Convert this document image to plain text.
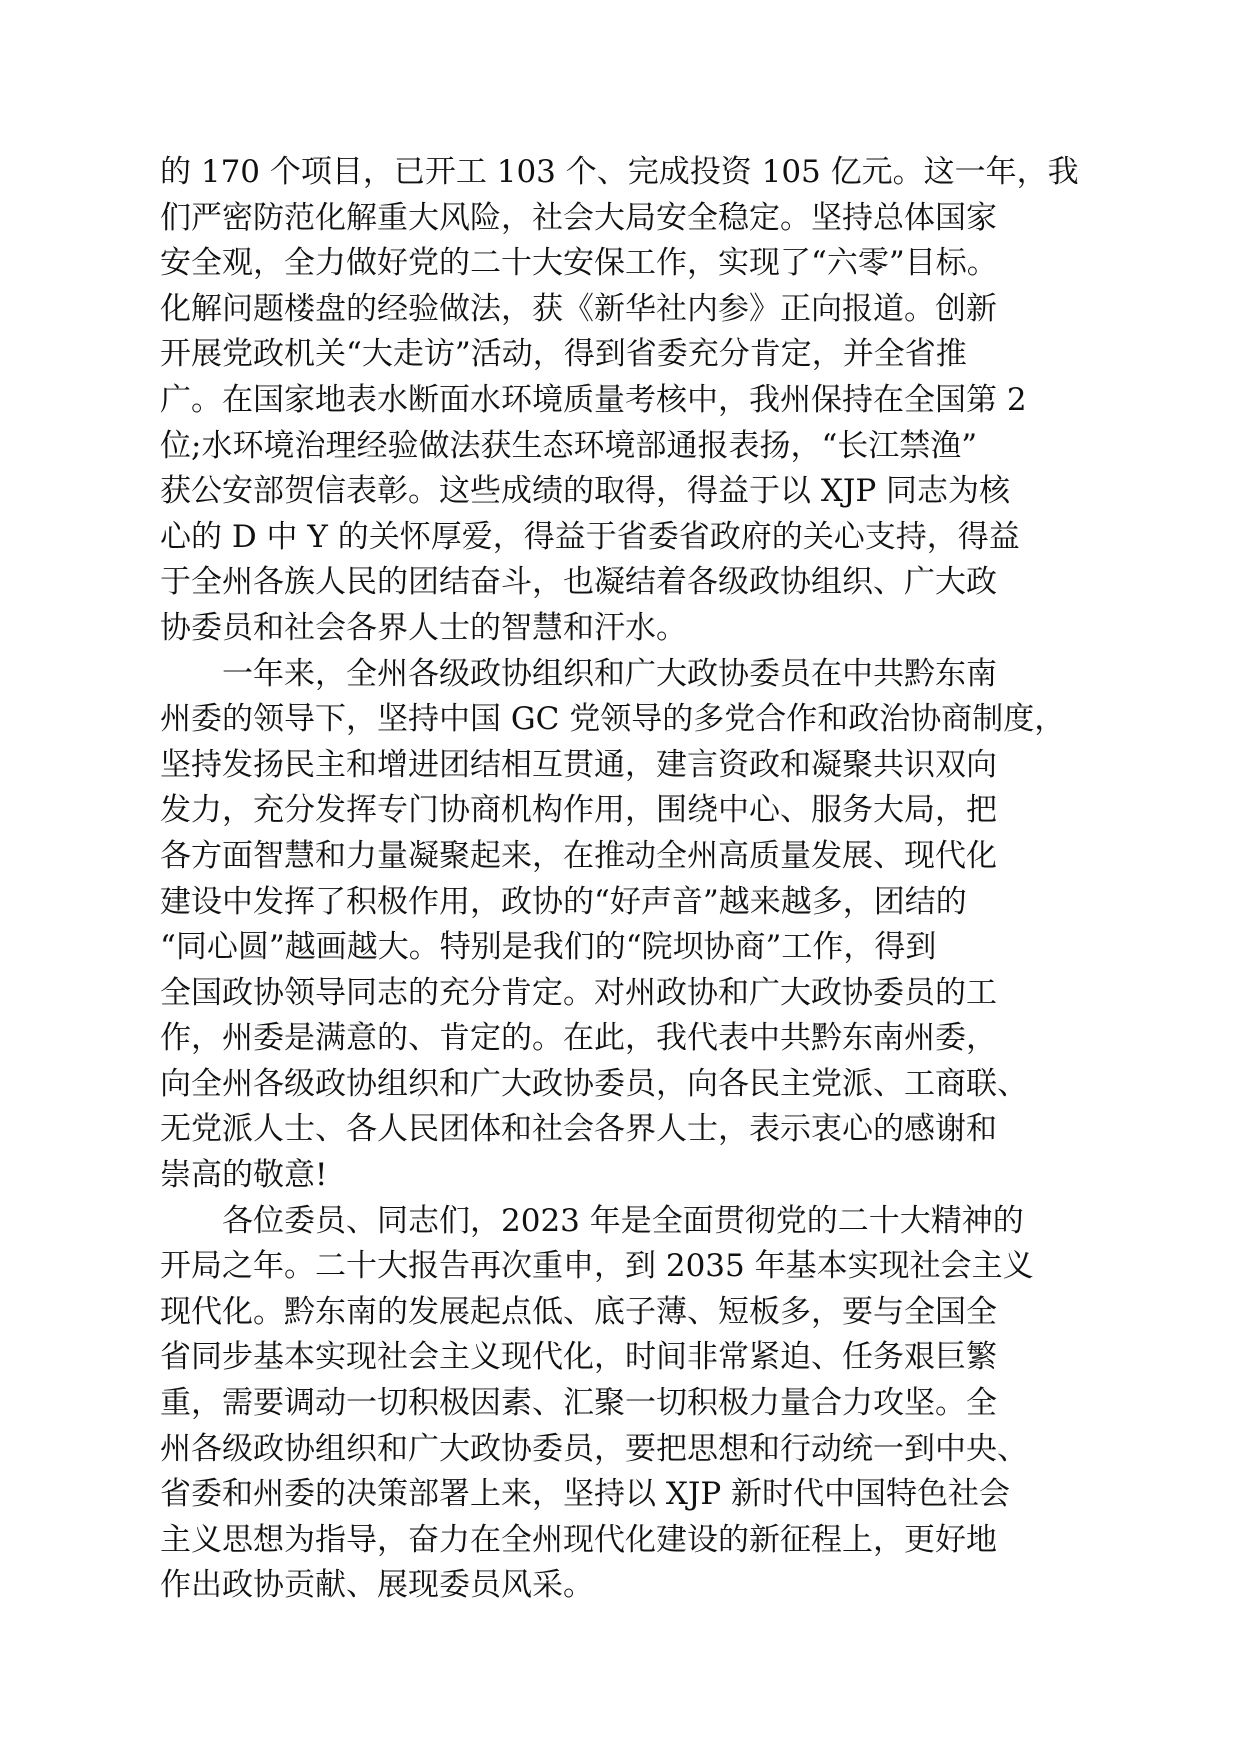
的 170 个项目，已开工 103 个、完成投资 105 亿元。这一年，我
们严密防范化解重大风险，社会大局安全稳定。坚持总体国家
安全观，全力做好党的二十大安保工作，实现了“六零”目标。
化解问题楼盘的经验做法，获《新华社内参》正向报道。创新
开展党政机关“大走访”活动，得到省委充分肯定，并全省推
广。在国家地表水断面水环境质量考核中，我州保持在全国第 2
位;水环境治理经验做法获生态环境部通报表扬，“长江禁渔”
获公安部贺信表彰。这些成绩的取得，得益于以 XJP 同志为核
心的 D 中 Y 的关怀厚爱，得益于省委省政府的关心支持，得益
于全州各族人民的团结奋斗，也凝结着各级政协组织、广大政
协委员和社会各界人士的智慧和汗水。
　　一年来，全州各级政协组织和广大政协委员在中共黔东南
州委的领导下，坚持中国 GC 党领导的多党合作和政治协商制度，
坚持发扬民主和增进团结相互贯通，建言资政和凝聚共识双向
发力，充分发挥专门协商机构作用，围绕中心、服务大局，把
各方面智慧和力量凝聚起来，在推动全州高质量发展、现代化
建设中发挥了积极作用，政协的“好声音”越来越多，团结的
“同心圆”越画越大。特别是我们的“院坝协商”工作，得到
全国政协领导同志的充分肯定。对州政协和广大政协委员的工
作，州委是满意的、肯定的。在此，我代表中共黔东南州委，
向全州各级政协组织和广大政协委员，向各民主党派、工商联、
无党派人士、各人民团体和社会各界人士，表示衷心的感谢和
崇高的敬意!
　　各位委员、同志们，2023 年是全面贯彻党的二十大精神的
开局之年。二十大报告再次重申，到 2035 年基本实现社会主义
现代化。黔东南的发展起点低、底子薄、短板多，要与全国全
省同步基本实现社会主义现代化，时间非常紧迫、任务艰巨繁
重，需要调动一切积极因素、汇聚一切积极力量合力攻坚。全
州各级政协组织和广大政协委员，要把思想和行动统一到中央、
省委和州委的决策部署上来，坚持以 XJP 新时代中国特色社会
主义思想为指导，奋力在全州现代化建设的新征程上，更好地
作出政协贡献、展现委员风采。
